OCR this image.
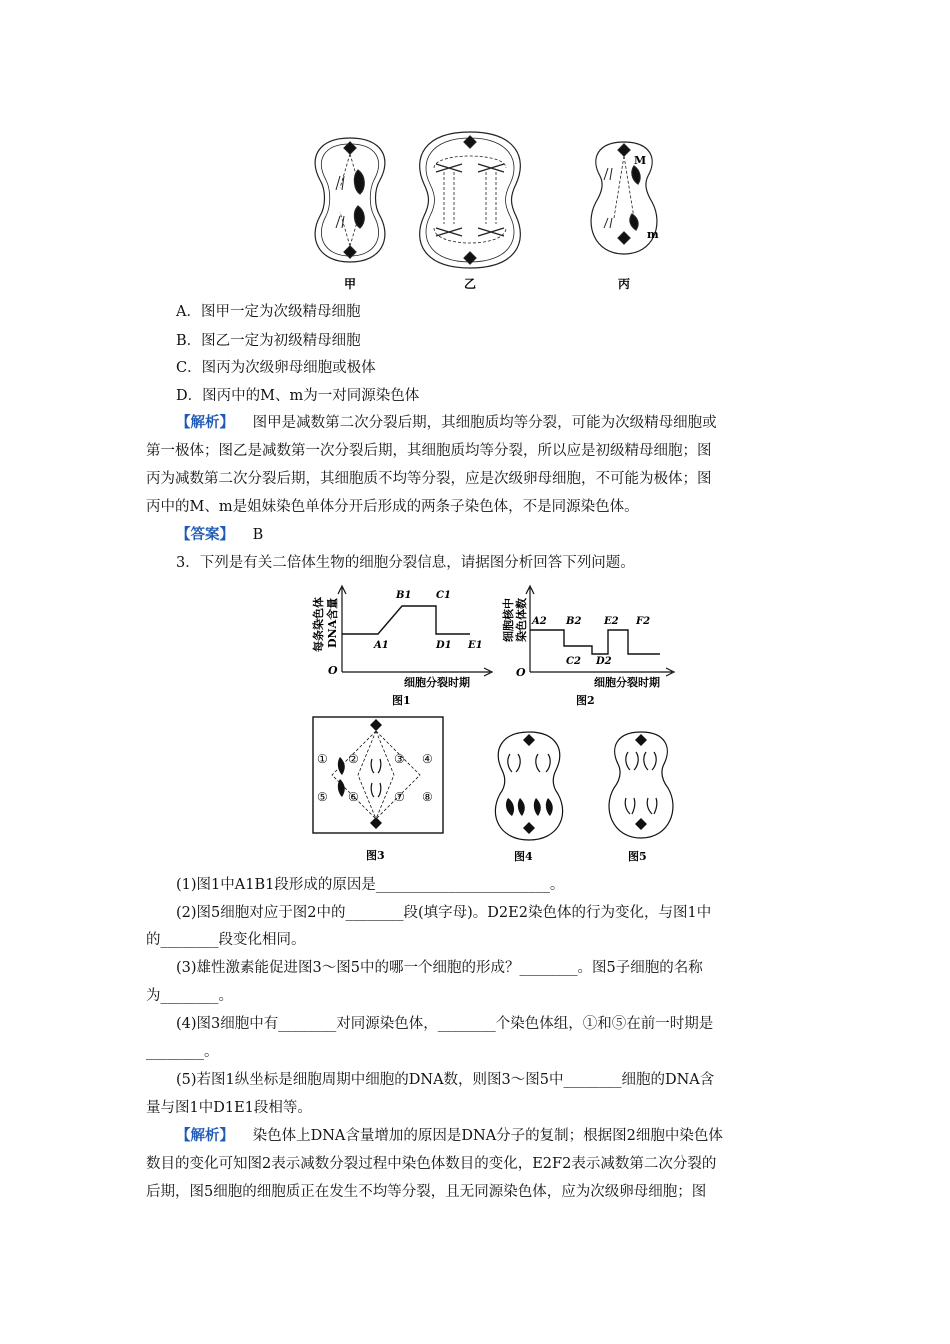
M
m
甲	乙	丙
A．图甲一定为次级精母细胞
B．图乙一定为初级精母细胞
C．图丙为次级卵母细胞或极体
D．图丙中的M、m为一对同源染色体
【解析】 图甲是减数第二次分裂后期，其细胞质均等分裂，可能为次级精母细胞或
第一极体；图乙是减数第一次分裂后期，其细胞质均等分裂，所以应是初级精母细胞；图
丙为减数第二次分裂后期，其细胞质不均等分裂，应是次级卵母细胞，不可能为极体；图
丙中的M、m是姐妹染色单体分开后形成的两条子染色体，不是同源染色体。
【答案】 B
3．下列是有关二倍体生物的细胞分裂信息，请据图分析回答下列问题。
每条染色体 DNA含量
O
细胞分裂时期
A1
B1 C1
D1 E1
图1
细胞核中 染色体数
O
细胞分裂时期
A2 B2
C2 D2
E2 F2
图2
① ②	③ ④
⑤ ⑥	⑦ ⑧
图3	图4	图5
(1)图1中A1B1段形成的原因是________________________。
(2)图5细胞对应于图2中的________段(填字母)。D2E2染色体的行为变化，与图1中
的________段变化相同。
(3)雄性激素能促进图3～图5中的哪一个细胞的形成？________。图5子细胞的名称
为________。
(4)图3细胞中有________对同源染色体，________个染色体组，①和⑤在前一时期是
________。
(5)若图1纵坐标是细胞周期中细胞的DNA数，则图3～图5中________细胞的DNA含
量与图1中D1E1段相等。
【解析】 染色体上DNA含量增加的原因是DNA分子的复制；根据图2细胞中染色体
数目的变化可知图2表示减数分裂过程中染色体数目的变化，E2F2表示减数第二次分裂的
后期，图5细胞的细胞质正在发生不均等分裂，且无同源染色体，应为次级卵母细胞；图
